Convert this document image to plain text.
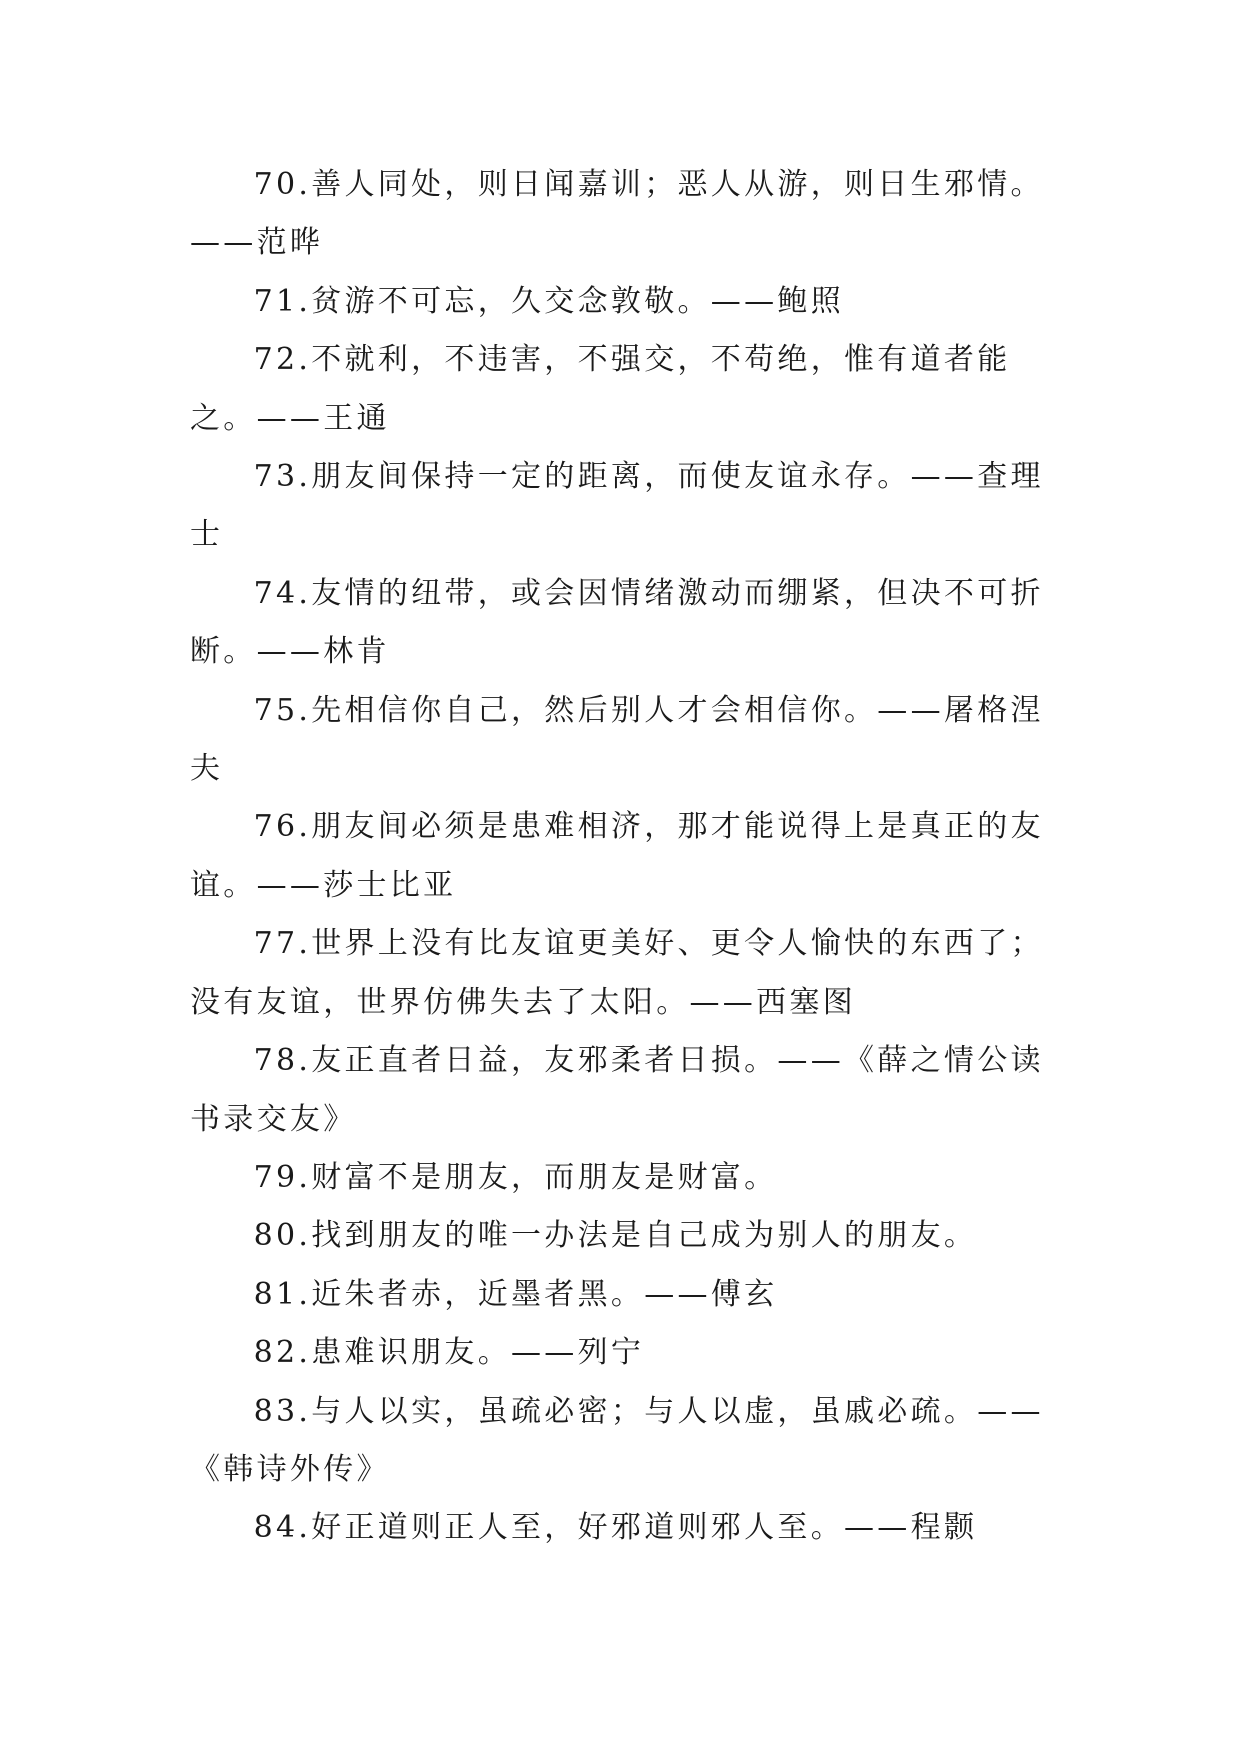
70.善人同处，则日闻嘉训；恶人从游，则日生邪情。——范晔
71.贫游不可忘，久交念敦敬。——鲍照
72.不就利，不违害，不强交，不苟绝，惟有道者能之。——王通
73.朋友间保持一定的距离，而使友谊永存。——查理士
74.友情的纽带，或会因情绪激动而绷紧，但决不可折断。——林肯
75.先相信你自己，然后别人才会相信你。——屠格涅夫
76.朋友间必须是患难相济，那才能说得上是真正的友谊。——莎士比亚
77.世界上没有比友谊更美好、更令人愉快的东西了；没有友谊，世界仿佛失去了太阳。——西塞图
78.友正直者日益，友邪柔者日损。——《薛之情公读书录交友》
79.财富不是朋友，而朋友是财富。
80.找到朋友的唯一办法是自己成为别人的朋友。
81.近朱者赤，近墨者黑。——傅玄
82.患难识朋友。——列宁
83.与人以实，虽疏必密；与人以虚，虽戚必疏。——《韩诗外传》
84.好正道则正人至，好邪道则邪人至。——程颢
